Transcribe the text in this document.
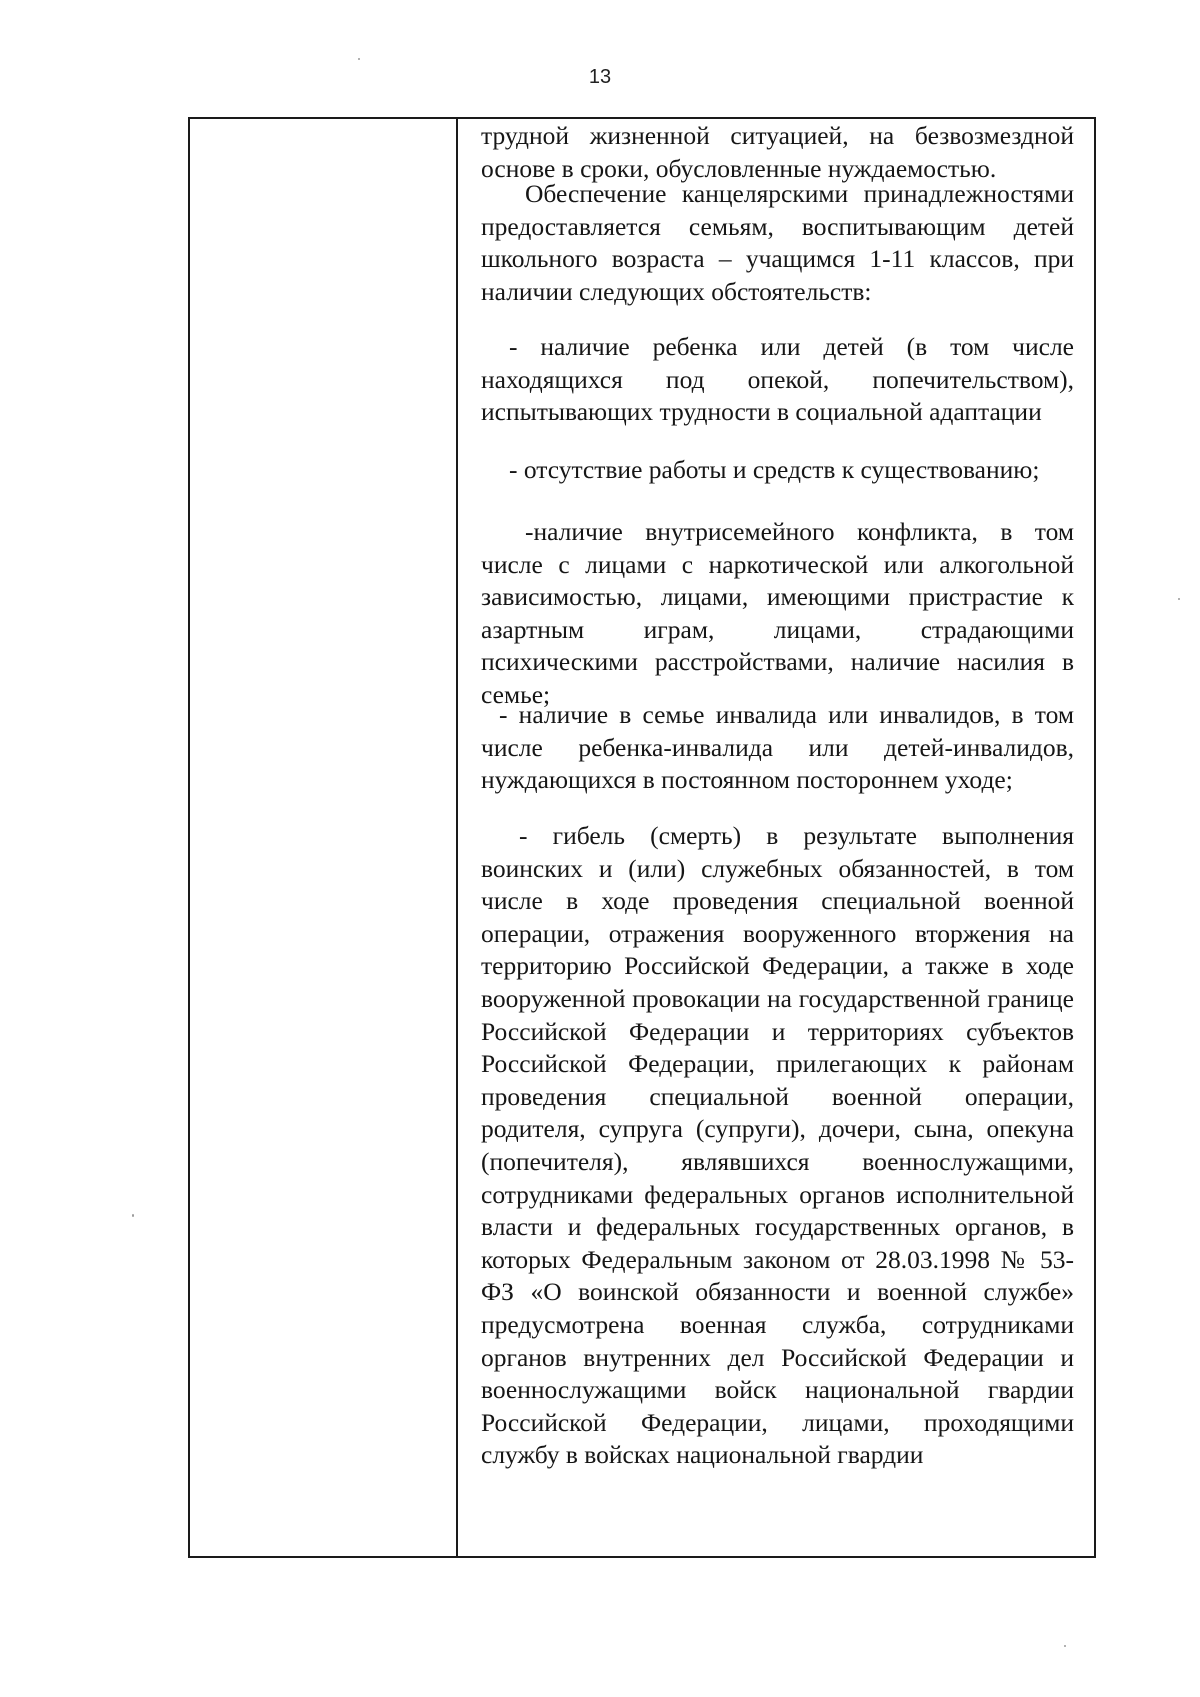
13

трудной жизненной ситуацией, на безвозмездной основе в сроки, обусловленные нуждаемостью.

Обеспечение канцелярскими принадлежностями предоставляется семьям, воспитывающим детей школьного возраста – учащимся 1-11 классов, при наличии следующих обстоятельств:

- наличие ребенка или детей (в том числе находящихся под опекой, попечительством), испытывающих трудности в социальной адаптации

- отсутствие работы и средств к существованию;

-наличие внутрисемейного конфликта, в том числе с лицами с наркотической или алкогольной зависимостью, лицами, имеющими пристрастие к азартным играм, лицами, страдающими психическими расстройствами, наличие насилия в семье;

- наличие в семье инвалида или инвалидов, в том числе ребенка-инвалида или детей-инвалидов, нуждающихся в постоянном постороннем уходе;

- гибель (смерть) в результате выполнения воинских и (или) служебных обязанностей, в том числе в ходе проведения специальной военной операции, отражения вооруженного вторжения на территорию Российской Федерации, а также в ходе вооруженной провокации на государственной границе Российской Федерации и территориях субъектов Российской Федерации, прилегающих к районам проведения специальной военной операции, родителя, супруга (супруги), дочери, сына, опекуна (попечителя), являвшихся военнослужащими, сотрудниками федеральных органов исполнительной власти и федеральных государственных органов, в которых Федеральным законом от 28.03.1998 № 53-ФЗ «О воинской обязанности и военной службе» предусмотрена военная служба, сотрудниками органов внутренних дел Российской Федерации и военнослужащими войск национальной гвардии Российской Федерации, лицами, проходящими службу в войсках национальной гвардии
